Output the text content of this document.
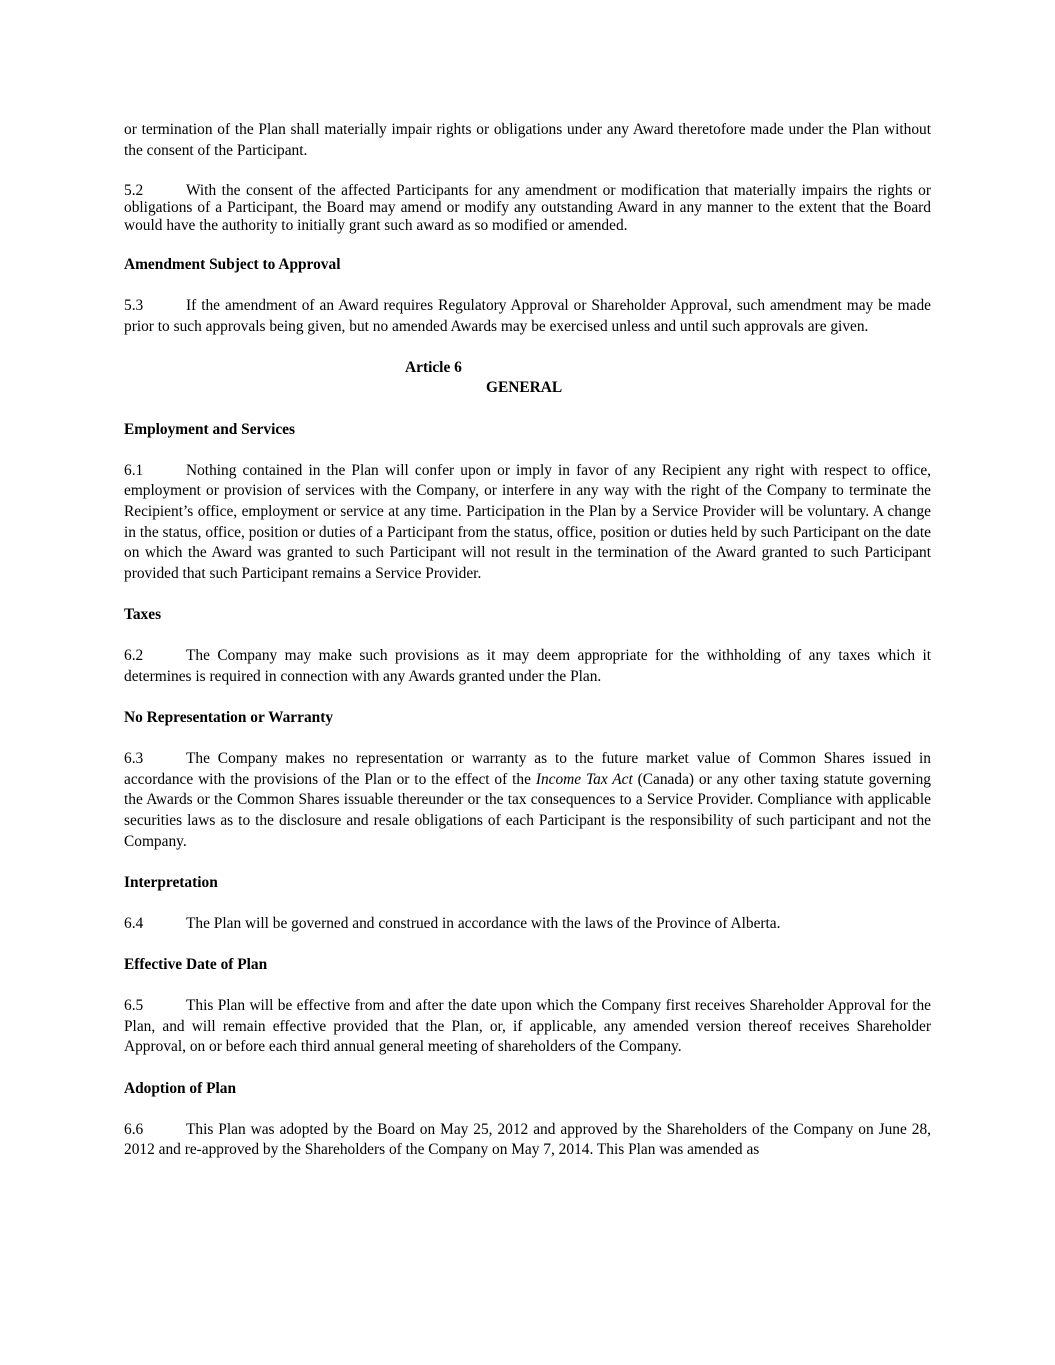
or termination of the Plan shall materially impair rights or obligations under any Award theretofore made under the Plan without the consent of the Participant.

5.2	With the consent of the affected Participants for any amendment or modification that materially impairs the rights or obligations of a Participant, the Board may amend or modify any outstanding Award in any manner to the extent that the Board would have the authority to initially grant such award as so modified or amended.

Amendment Subject to Approval

5.3	If the amendment of an Award requires Regulatory Approval or Shareholder Approval, such amendment may be made prior to such approvals being given, but no amended Awards may be exercised unless and until such approvals are given.

Article 6

GENERAL

Employment and Services

6.1	Nothing contained in the Plan will confer upon or imply in favor of any Recipient any right with respect to office, employment or provision of services with the Company, or interfere in any way with the right of the Company to terminate the Recipient’s office, employment or service at any time. Participation in the Plan by a Service Provider will be voluntary. A change in the status, office, position or duties of a Participant from the status, office, position or duties held by such Participant on the date on which the Award was granted to such Participant will not result in the termination of the Award granted to such Participant provided that such Participant remains a Service Provider.

Taxes

6.2	The Company may make such provisions as it may deem appropriate for the withholding of any taxes which it determines is required in connection with any Awards granted under the Plan.

No Representation or Warranty

6.3	The Company makes no representation or warranty as to the future market value of Common Shares issued in accordance with the provisions of the Plan or to the effect of the Income Tax Act (Canada) or any other taxing statute governing the Awards or the Common Shares issuable thereunder or the tax consequences to a Service Provider. Compliance with applicable securities laws as to the disclosure and resale obligations of each Participant is the responsibility of such participant and not the Company.

Interpretation

6.4	The Plan will be governed and construed in accordance with the laws of the Province of Alberta.

Effective Date of Plan

6.5	This Plan will be effective from and after the date upon which the Company first receives Shareholder Approval for the Plan, and will remain effective provided that the Plan, or, if applicable, any amended version thereof receives Shareholder Approval, on or before each third annual general meeting of shareholders of the Company.

Adoption of Plan

6.6	This Plan was adopted by the Board on May 25, 2012 and approved by the Shareholders of the Company on June 28, 2012 and re-approved by the Shareholders of the Company on May 7, 2014. This Plan was amended as
